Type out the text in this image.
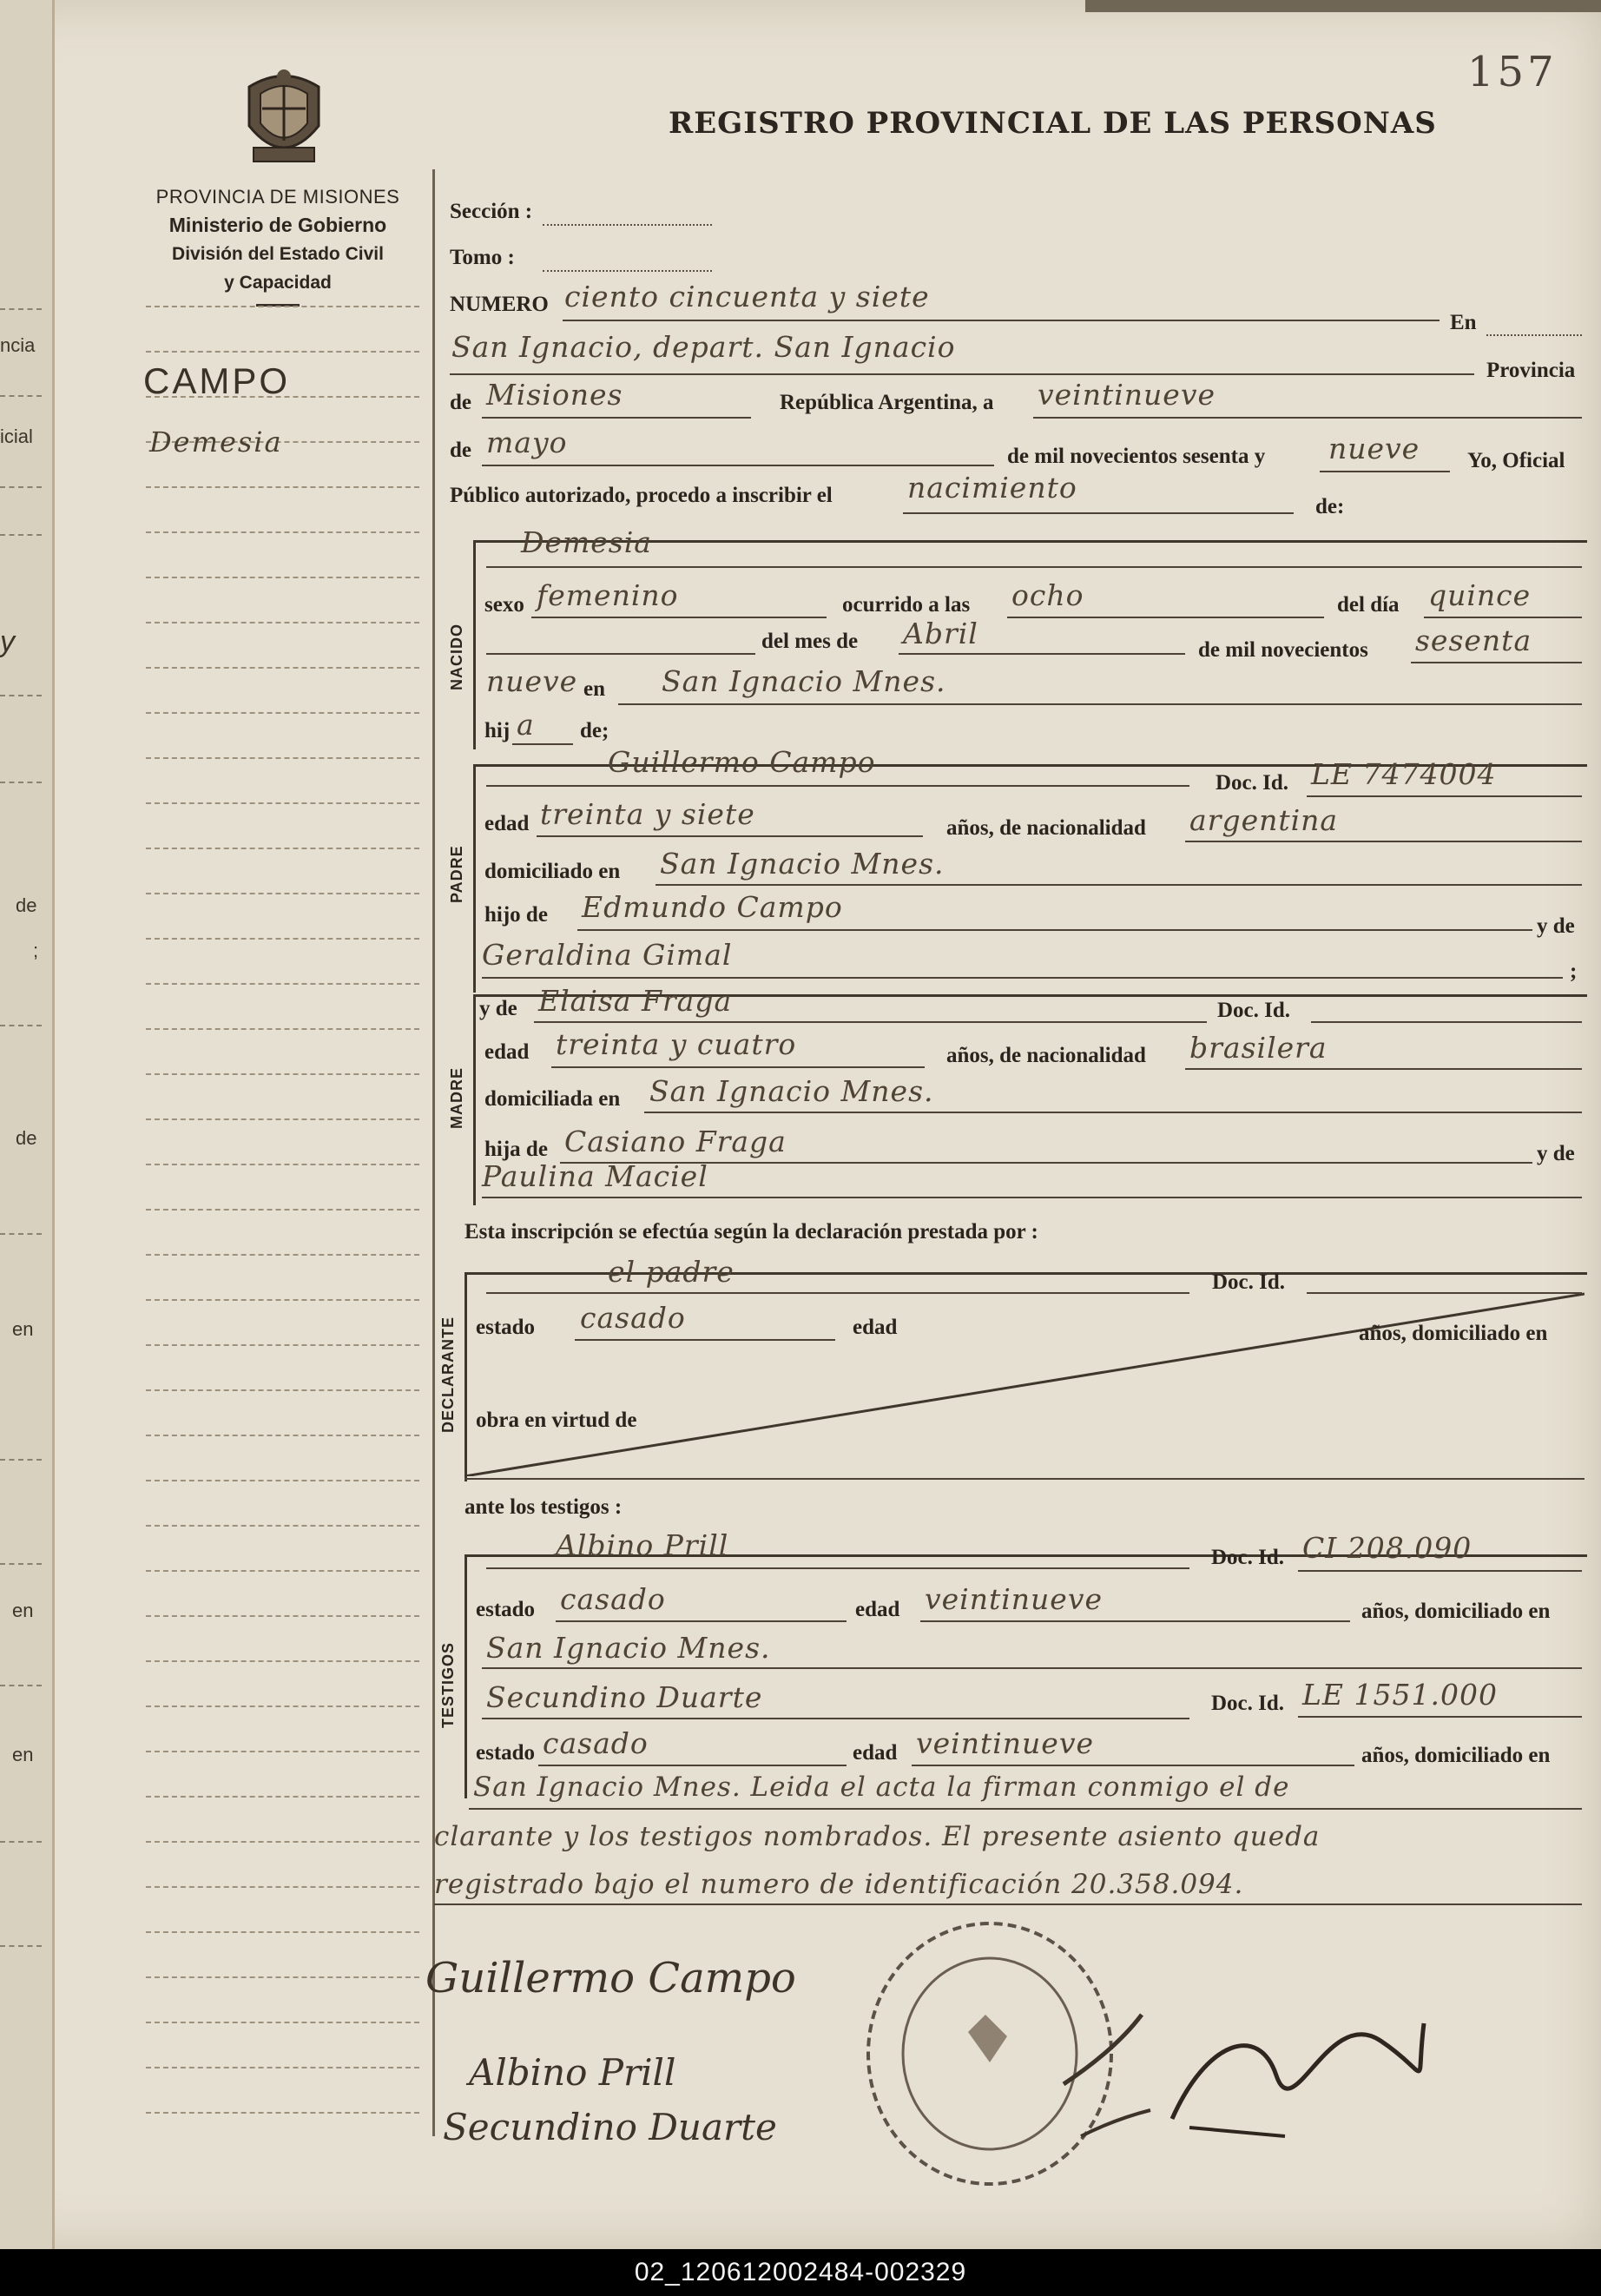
ncia
icial
y
de
;
de
en
en
en
157
REGISTRO PROVINCIAL DE LAS PERSONAS
PROVINCIA DE MISIONES
Ministerio de Gobierno
División del Estado Civil
y Capacidad
CAMPO
Demesia
Sección :
Tomo :
NUMERO ciento cincuenta y siete
En
San Ignacio, depart. San Ignacio
Provincia
de Misiones	República Argentina, a veintinueve
de mayo	de mil novecientos sesenta y nueve Yo, Oficial
Público autorizado, procedo a inscribir el	nacimiento
de:
NACIDO
Demesia
sexo femenino	ocurrido a las ocho	del día quince
del mes de Abril	de mil novecientos sesenta
nueve en San Ignacio Mnes.
hij a de;
PADRE
Guillermo Campo
Doc. Id. LE 7474004
edad treinta y siete	años, de nacionalidad argentina
domiciliado en San Ignacio Mnes.
hijo de Edmundo Campo
y de
Geraldina Gimal	;
MADRE
y de Elaisa Fraga	Doc. Id.
edad treinta y cuatro	años, de nacionalidad brasilera
domiciliada en San Ignacio Mnes.
hija de Casiano Fraga	y de
Paulina Maciel
Esta inscripción se efectúa según la declaración prestada por :
DECLARANTE
el padre	Doc. Id.
estado casado	edad	años, domiciliado en
obra en virtud de
ante los testigos :
TESTIGOS
Albino Prill	Doc. Id. CI 208.090
estado casado	edad veintinueve	años, domiciliado en
San Ignacio Mnes.
Secundino Duarte	Doc. Id. LE 1551.000
estado casado	edad veintinueve	años, domiciliado en
San Ignacio Mnes. Leida el acta la firman conmigo el de
clarante y los testigos nombrados. El presente asiento queda
registrado bajo el numero de identificación 20.358.094.
Guillermo Campo
Albino Prill
Secundino Duarte
02_120612002484-002329
